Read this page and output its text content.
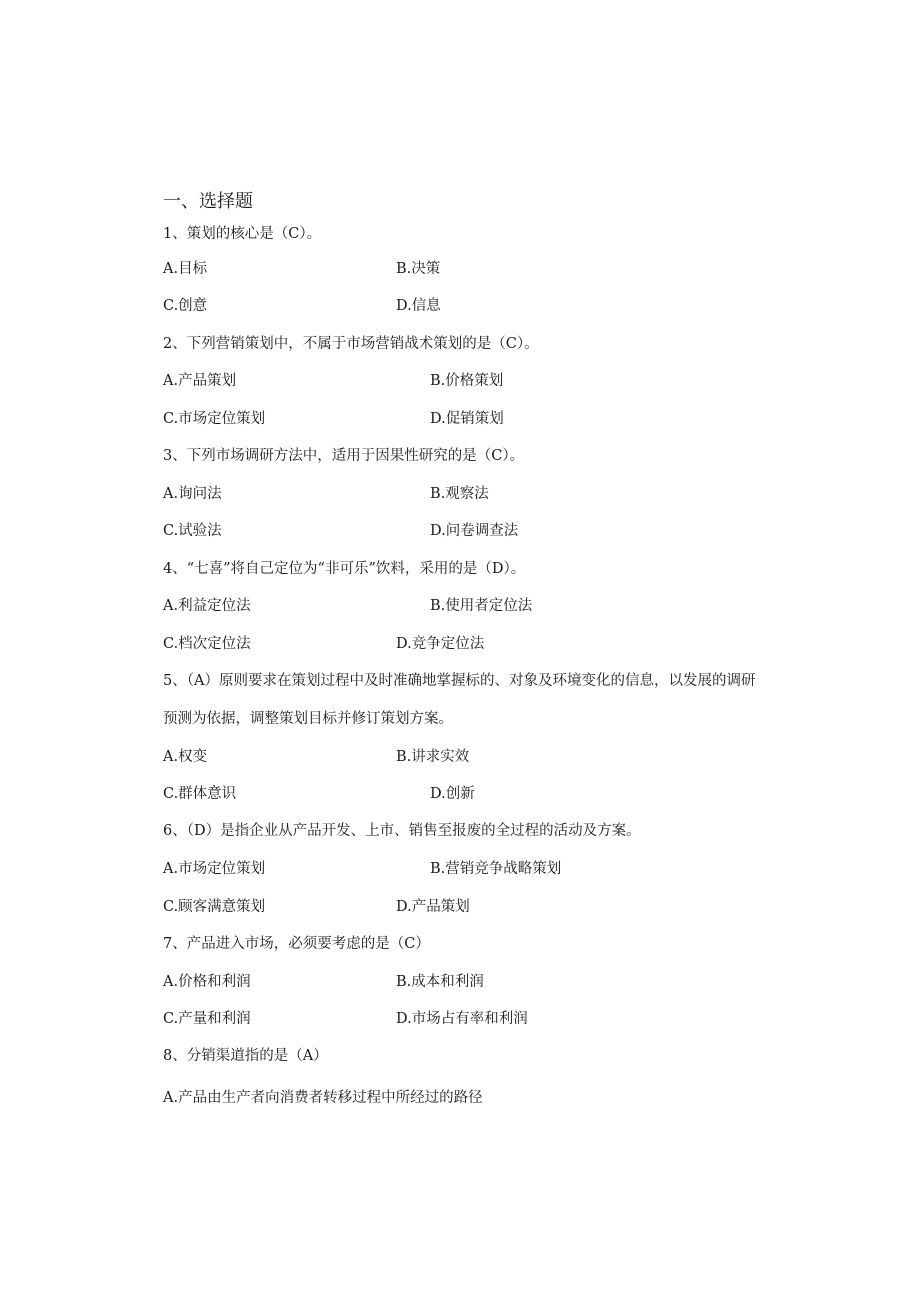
一、选择题
1、策划的核心是（C）。
A.目标	B.决策
C.创意	D.信息
2、下列营销策划中，不属于市场营销战术策划的是（C）。
A.产品策划	B.价格策划
C.市场定位策划	D.促销策划
3、下列市场调研方法中，适用于因果性研究的是（C）。
A.询问法	B.观察法
C.试验法	D.问卷调查法
4、“七喜”将自己定位为“非可乐”饮料，采用的是（D）。
A.利益定位法	B.使用者定位法
C.档次定位法	D.竞争定位法
5、（A）原则要求在策划过程中及时准确地掌握标的、对象及环境变化的信息，以发展的调研
预测为依据，调整策划目标并修订策划方案。
A.权变	B.讲求实效
C.群体意识	D.创新
6、（D）是指企业从产品开发、上市、销售至报废的全过程的活动及方案。
A.市场定位策划	B.营销竞争战略策划
C.顾客满意策划	D.产品策划
7、产品进入市场，必须要考虑的是（C）
A.价格和利润	B.成本和利润
C.产量和利润	D.市场占有率和利润
8、分销渠道指的是（A）
A.产品由生产者向消费者转移过程中所经过的路径
